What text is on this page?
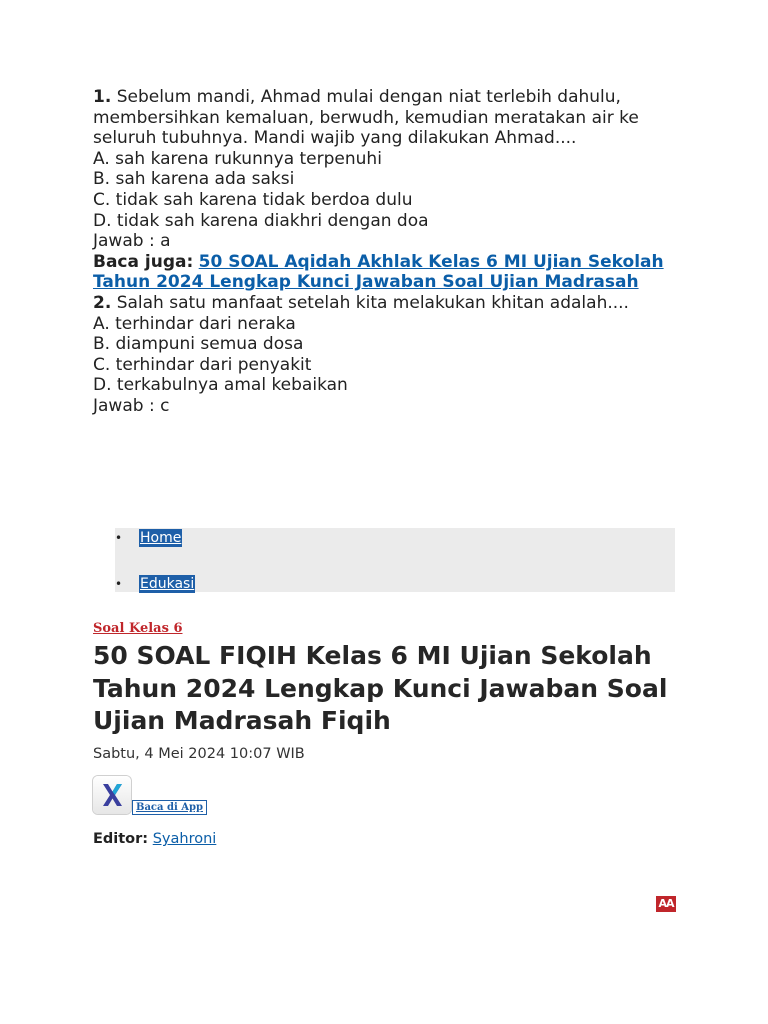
1. Sebelum mandi, Ahmad mulai dengan niat terlebih dahulu, membersihkan kemaluan, berwudh, kemudian meratakan air ke seluruh tubuhnya. Mandi wajib yang dilakukan Ahmad....

A. sah karena rukunnya terpenuhi

B. sah karena ada saksi

C. tidak sah karena tidak berdoa dulu

D. tidak sah karena diakhri dengan doa

Jawab : a

Baca juga: 50 SOAL Aqidah Akhlak Kelas 6 MI Ujian Sekolah Tahun 2024 Lengkap Kunci Jawaban Soal Ujian Madrasah

2. Salah satu manfaat setelah kita melakukan khitan adalah....

A. terhindar dari neraka

B. diampuni semua dosa

C. terhindar dari penyakit

D. terkabulnya amal kebaikan

Jawab : c

• Home
• Edukasi
Soal Kelas 6
50 SOAL FIQIH Kelas 6 MI Ujian Sekolah Tahun 2024 Lengkap Kunci Jawaban Soal Ujian Madrasah Fiqih
Sabtu, 4 Mei 2024 10:07 WIB
Baca di App
Editor: Syahroni
AA
